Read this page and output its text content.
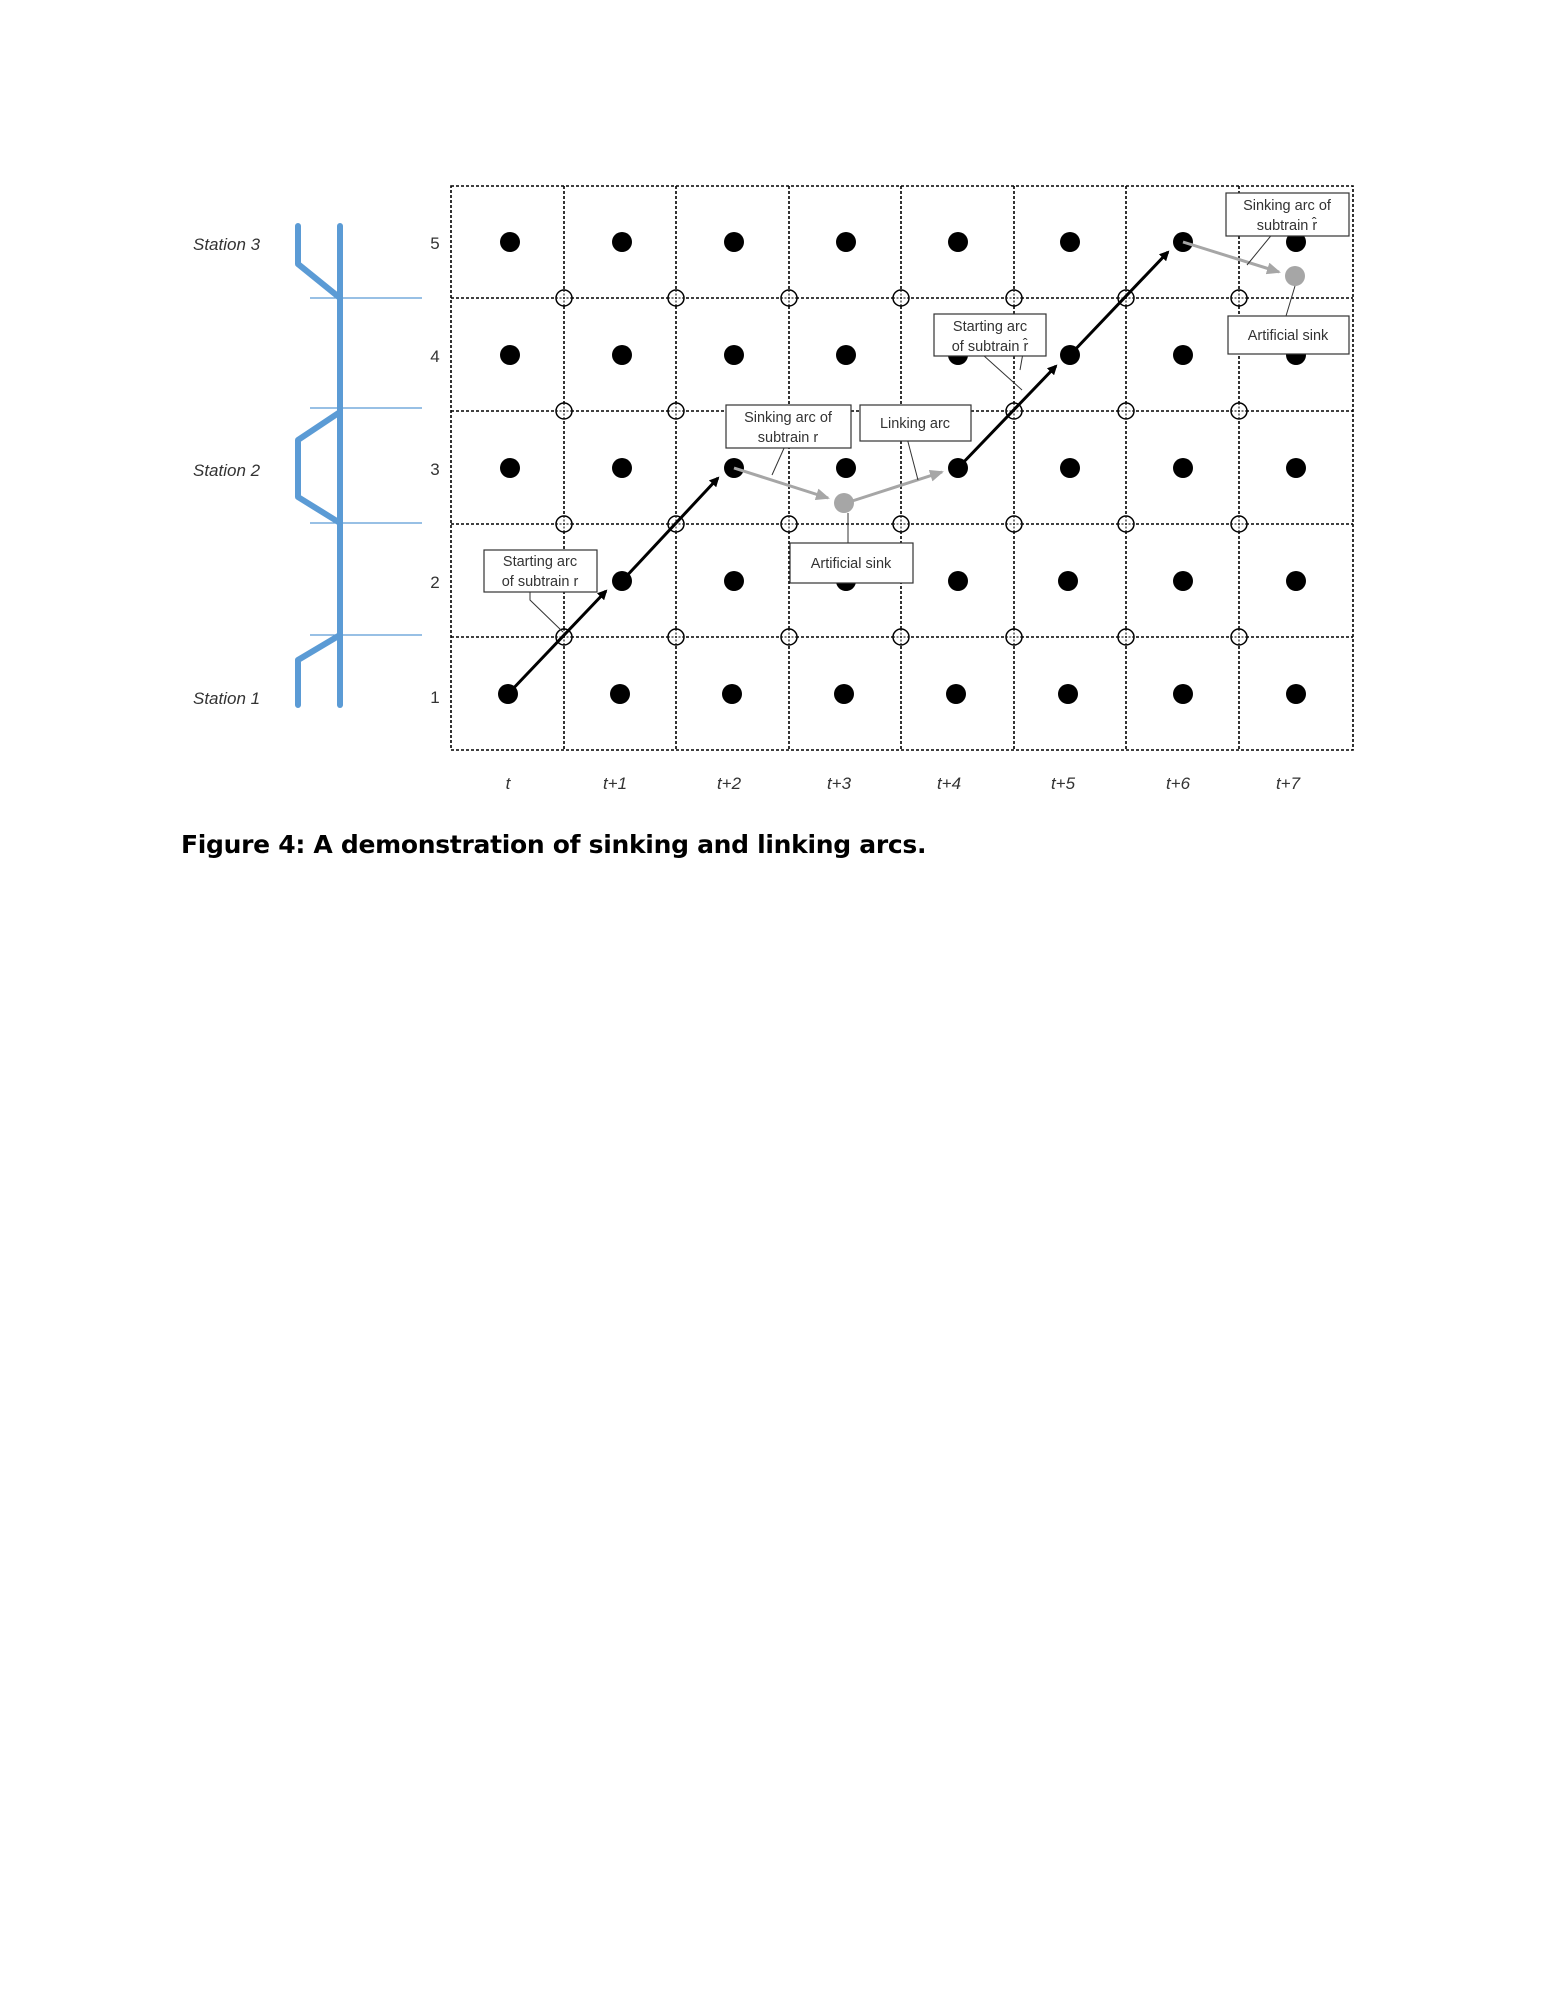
Station 3
Station 2
Station 1
5
4
3
2
1
Starting arc
of subtrain r
Sinking arc of
subtrain r
Linking arc
Artificial sink
Starting arc
of subtrain r̂
Sinking arc of
subtrain r̂
Artificial sink
t	t+1	t+2	t+3	t+4	t+5	t+6	t+7
Figure 4: A demonstration of sinking and linking arcs.
